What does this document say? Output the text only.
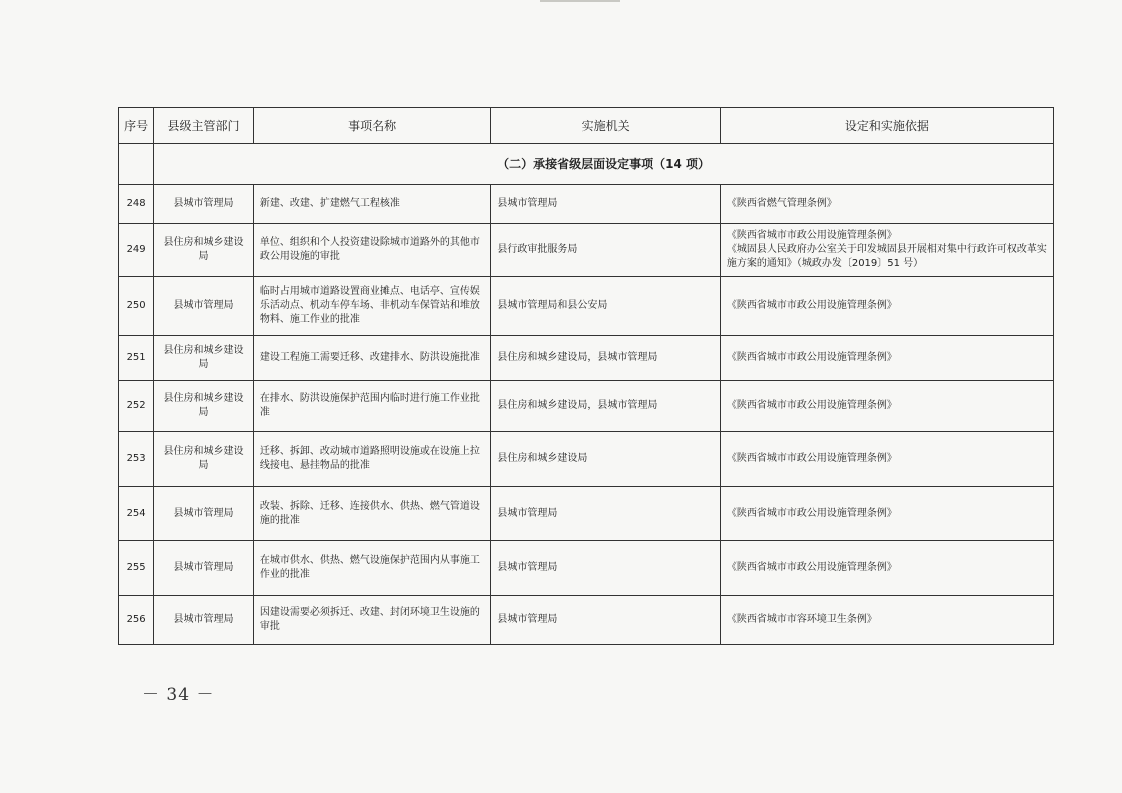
序号	县级主管部门	事项名称	实施机关	设定和实施依据
	（二）承接省级层面设定事项（14 项）			
248	县城市管理局	新建、改建、扩建燃气工程核准	县城市管理局	《陕西省燃气管理条例》
249	县住房和城乡建设局	单位、组织和个人投资建设除城市道路外的其他市政公用设施的审批	县行政审批服务局	《陕西省城市市政公用设施管理条例》
《城固县人民政府办公室关于印发城固县开展相对集中行政许可权改革实施方案的通知》（城政办发〔2019〕51 号）
250	县城市管理局	临时占用城市道路设置商业摊点、电话亭、宣传娱乐活动点、机动车停车场、非机动车保管站和堆放物料、施工作业的批准	县城市管理局和县公安局	《陕西省城市市政公用设施管理条例》
251	县住房和城乡建设局	建设工程施工需要迁移、改建排水、防洪设施批准	县住房和城乡建设局，县城市管理局	《陕西省城市市政公用设施管理条例》
252	县住房和城乡建设局	在排水、防洪设施保护范围内临时进行施工作业批准	县住房和城乡建设局，县城市管理局	《陕西省城市市政公用设施管理条例》
253	县住房和城乡建设局	迁移、拆卸、改动城市道路照明设施或在设施上拉线接电、悬挂物品的批准	县住房和城乡建设局	《陕西省城市市政公用设施管理条例》
254	县城市管理局	改装、拆除、迁移、连接供水、供热、燃气管道设施的批准	县城市管理局	《陕西省城市市政公用设施管理条例》
255	县城市管理局	在城市供水、供热、燃气设施保护范围内从事施工作业的批准	县城市管理局	《陕西省城市市政公用设施管理条例》
256	县城市管理局	因建设需要必须拆迁、改建、封闭环境卫生设施的审批	县城市管理局	《陕西省城市市容环境卫生条例》
－ 34 －
